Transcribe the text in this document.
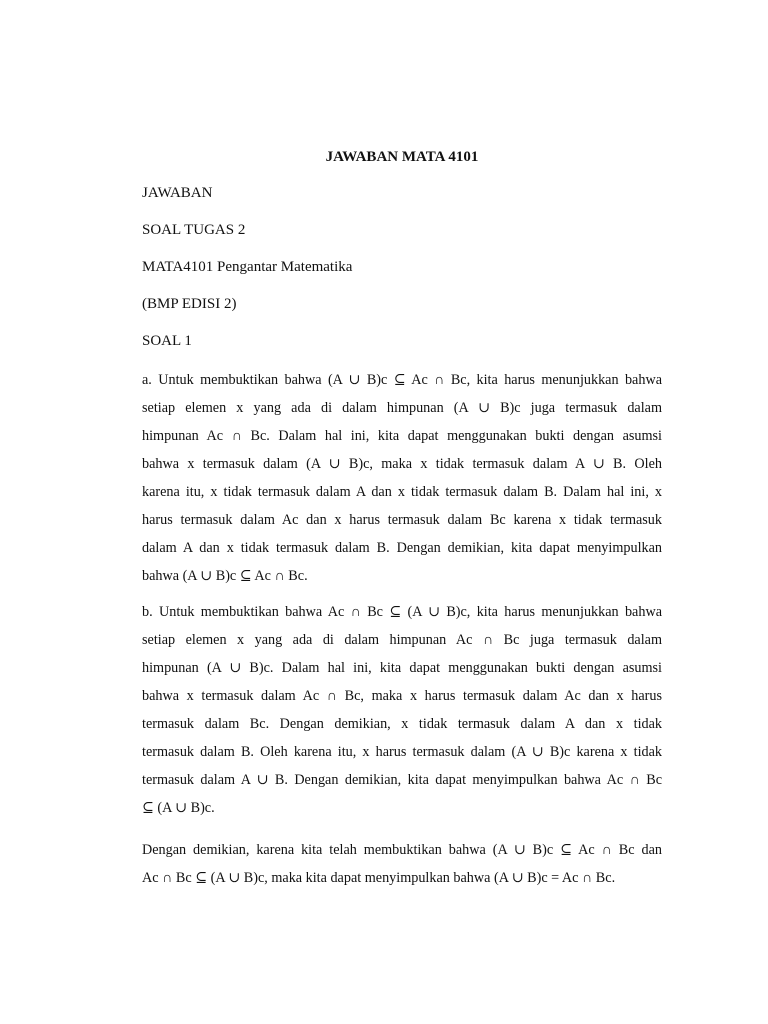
JAWABAN MATA 4101
JAWABAN
SOAL TUGAS 2
MATA4101 Pengantar Matematika
(BMP EDISI 2)
SOAL 1
a. Untuk membuktikan bahwa (A ∪ B)c ⊆ Ac ∩ Bc, kita harus menunjukkan bahwa
setiap elemen x yang ada di dalam himpunan (A ∪ B)c juga termasuk dalam
himpunan Ac ∩ Bc. Dalam hal ini, kita dapat menggunakan bukti dengan asumsi
bahwa x termasuk dalam (A ∪ B)c, maka x tidak termasuk dalam A ∪ B. Oleh
karena itu, x tidak termasuk dalam A dan x tidak termasuk dalam B. Dalam hal ini, x
harus termasuk dalam Ac dan x harus termasuk dalam Bc karena x tidak termasuk
dalam A dan x tidak termasuk dalam B. Dengan demikian, kita dapat menyimpulkan
bahwa (A ∪ B)c ⊆ Ac ∩ Bc.
b. Untuk membuktikan bahwa Ac ∩ Bc ⊆ (A ∪ B)c, kita harus menunjukkan bahwa
setiap elemen x yang ada di dalam himpunan Ac ∩ Bc juga termasuk dalam
himpunan (A ∪ B)c. Dalam hal ini, kita dapat menggunakan bukti dengan asumsi
bahwa x termasuk dalam Ac ∩ Bc, maka x harus termasuk dalam Ac dan x harus
termasuk dalam Bc. Dengan demikian, x tidak termasuk dalam A dan x tidak
termasuk dalam B. Oleh karena itu, x harus termasuk dalam (A ∪ B)c karena x tidak
termasuk dalam A ∪ B. Dengan demikian, kita dapat menyimpulkan bahwa Ac ∩ Bc
⊆ (A ∪ B)c.
Dengan demikian, karena kita telah membuktikan bahwa (A ∪ B)c ⊆ Ac ∩ Bc dan
Ac ∩ Bc ⊆ (A ∪ B)c, maka kita dapat menyimpulkan bahwa (A ∪ B)c = Ac ∩ Bc.
